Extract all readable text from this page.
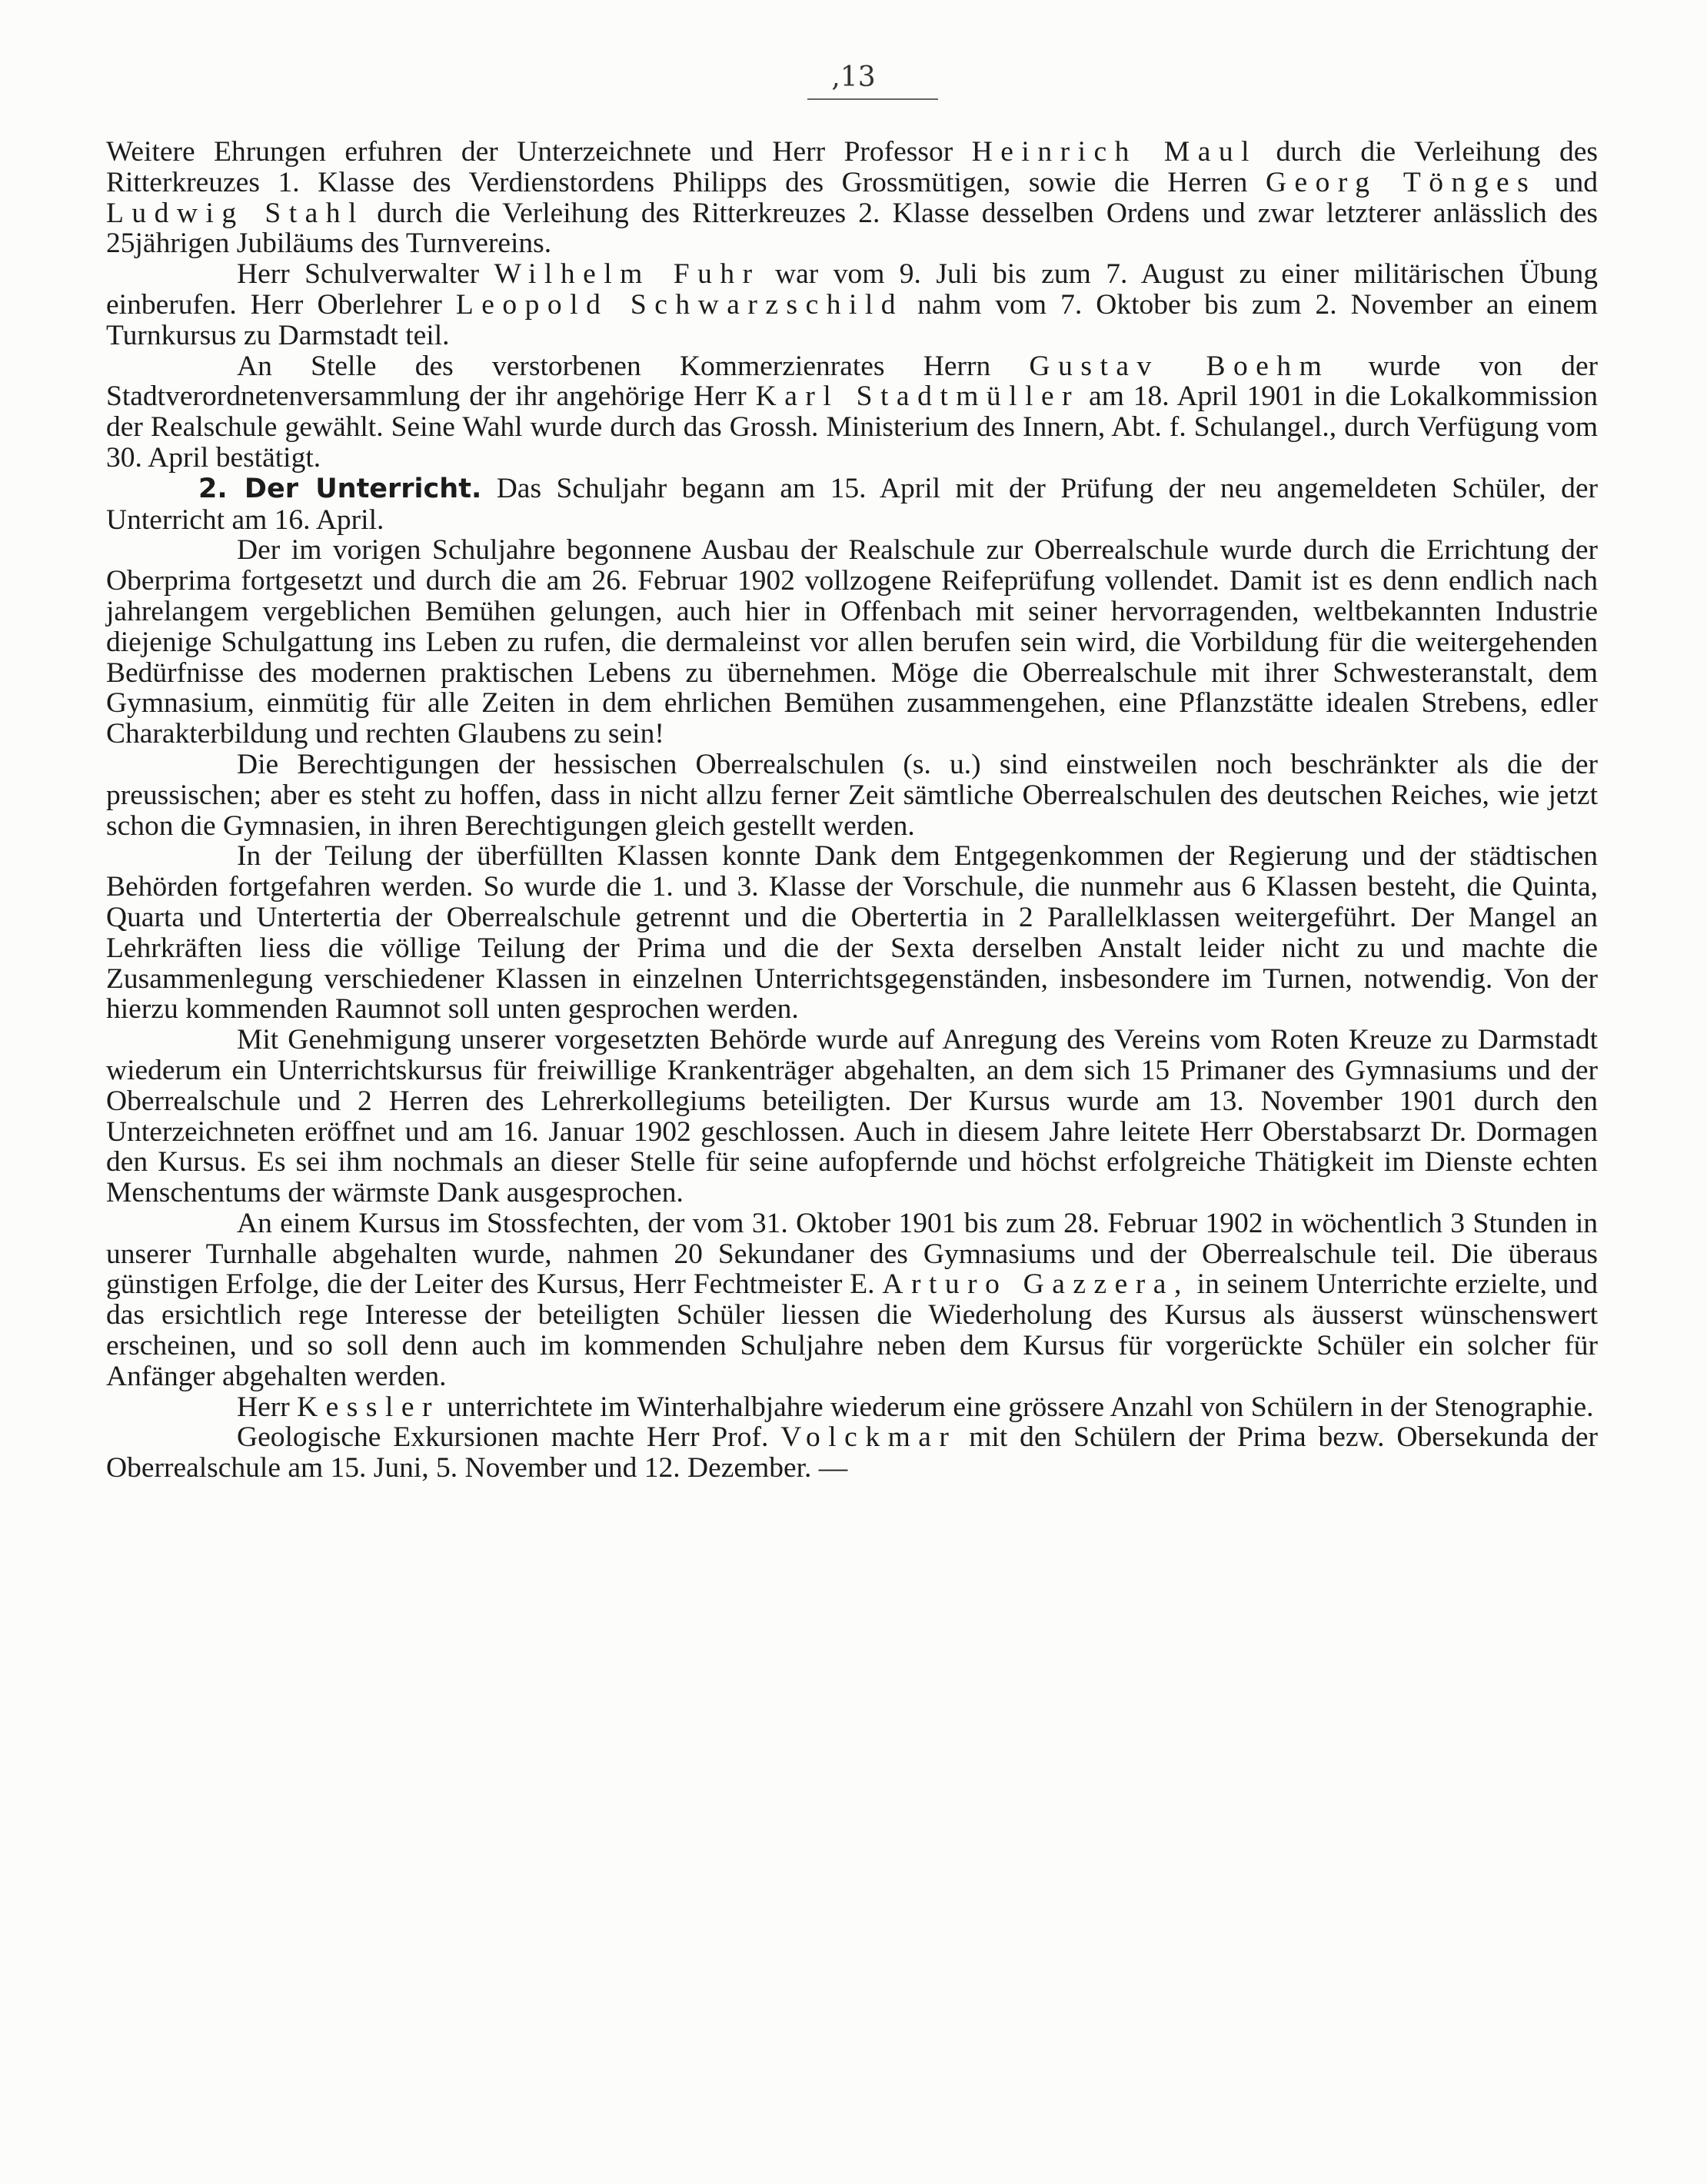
,13

Weitere Ehrungen erfuhren der Unterzeichnete und Herr Professor Heinrich Maul durch die Verleihung des Ritterkreuzes 1. Klasse des Verdienstordens Philipps des Grossmütigen, sowie die Herren Georg Tönges und Ludwig Stahl durch die Verleihung des Ritterkreuzes 2. Klasse desselben Ordens und zwar letzterer anlässlich des 25jährigen Jubiläums des Turnvereins.

Herr Schulverwalter Wilhelm Fuhr war vom 9. Juli bis zum 7. August zu einer militärischen Übung einberufen. Herr Oberlehrer Leopold Schwarzschild nahm vom 7. Oktober bis zum 2. November an einem Turnkursus zu Darmstadt teil.

An Stelle des verstorbenen Kommerzienrates Herrn Gustav Boehm wurde von der Stadtverordnetenversammlung der ihr angehörige Herr Karl Stadtmüller am 18. April 1901 in die Lokalkommission der Realschule gewählt. Seine Wahl wurde durch das Grossh. Ministerium des Innern, Abt. f. Schulangel., durch Verfügung vom 30. April bestätigt.

2. Der Unterricht. Das Schuljahr begann am 15. April mit der Prüfung der neu angemeldeten Schüler, der Unterricht am 16. April.

Der im vorigen Schuljahre begonnene Ausbau der Realschule zur Oberrealschule wurde durch die Errichtung der Oberprima fortgesetzt und durch die am 26. Februar 1902 vollzogene Reifeprüfung vollendet. Damit ist es denn endlich nach jahrelangem vergeblichen Bemühen gelungen, auch hier in Offenbach mit seiner hervorragenden, weltbekannten Industrie diejenige Schulgattung ins Leben zu rufen, die dermaleinst vor allen berufen sein wird, die Vorbildung für die weitergehenden Bedürfnisse des modernen praktischen Lebens zu übernehmen. Möge die Oberrealschule mit ihrer Schwesteranstalt, dem Gymnasium, einmütig für alle Zeiten in dem ehrlichen Bemühen zusammengehen, eine Pflanzstätte idealen Strebens, edler Charakterbildung und rechten Glaubens zu sein!

Die Berechtigungen der hessischen Oberrealschulen (s. u.) sind einstweilen noch beschränkter als die der preussischen; aber es steht zu hoffen, dass in nicht allzu ferner Zeit sämtliche Oberrealschulen des deutschen Reiches, wie jetzt schon die Gymnasien, in ihren Berechtigungen gleich gestellt werden.

In der Teilung der überfüllten Klassen konnte Dank dem Entgegenkommen der Regierung und der städtischen Behörden fortgefahren werden. So wurde die 1. und 3. Klasse der Vorschule, die nunmehr aus 6 Klassen besteht, die Quinta, Quarta und Untertertia der Oberrealschule getrennt und die Obertertia in 2 Parallelklassen weitergeführt. Der Mangel an Lehrkräften liess die völlige Teilung der Prima und die der Sexta derselben Anstalt leider nicht zu und machte die Zusammenlegung verschiedener Klassen in einzelnen Unterrichtsgegenständen, insbesondere im Turnen, notwendig. Von der hierzu kommenden Raumnot soll unten gesprochen werden.

Mit Genehmigung unserer vorgesetzten Behörde wurde auf Anregung des Vereins vom Roten Kreuze zu Darmstadt wiederum ein Unterrichtskursus für freiwillige Krankenträger abgehalten, an dem sich 15 Primaner des Gymnasiums und der Oberrealschule und 2 Herren des Lehrerkollegiums beteiligten. Der Kursus wurde am 13. November 1901 durch den Unterzeichneten eröffnet und am 16. Januar 1902 geschlossen. Auch in diesem Jahre leitete Herr Oberstabsarzt Dr. Dormagen den Kursus. Es sei ihm nochmals an dieser Stelle für seine aufopfernde und höchst erfolgreiche Thätigkeit im Dienste echten Menschentums der wärmste Dank ausgesprochen.

An einem Kursus im Stossfechten, der vom 31. Oktober 1901 bis zum 28. Februar 1902 in wöchentlich 3 Stunden in unserer Turnhalle abgehalten wurde, nahmen 20 Sekundaner des Gymnasiums und der Oberrealschule teil. Die überaus günstigen Erfolge, die der Leiter des Kursus, Herr Fechtmeister E. Arturo Gazzera, in seinem Unterrichte erzielte, und das ersichtlich rege Interesse der beteiligten Schüler liessen die Wiederholung des Kursus als äusserst wünschenswert erscheinen, und so soll denn auch im kommenden Schuljahre neben dem Kursus für vorgerückte Schüler ein solcher für Anfänger abgehalten werden.

Herr Kessler unterrichtete im Winterhalbjahre wiederum eine grössere Anzahl von Schülern in der Stenographie.

Geologische Exkursionen machte Herr Prof. Volckmar mit den Schülern der Prima bezw. Obersekunda der Oberrealschule am 15. Juni, 5. November und 12. Dezember. —
